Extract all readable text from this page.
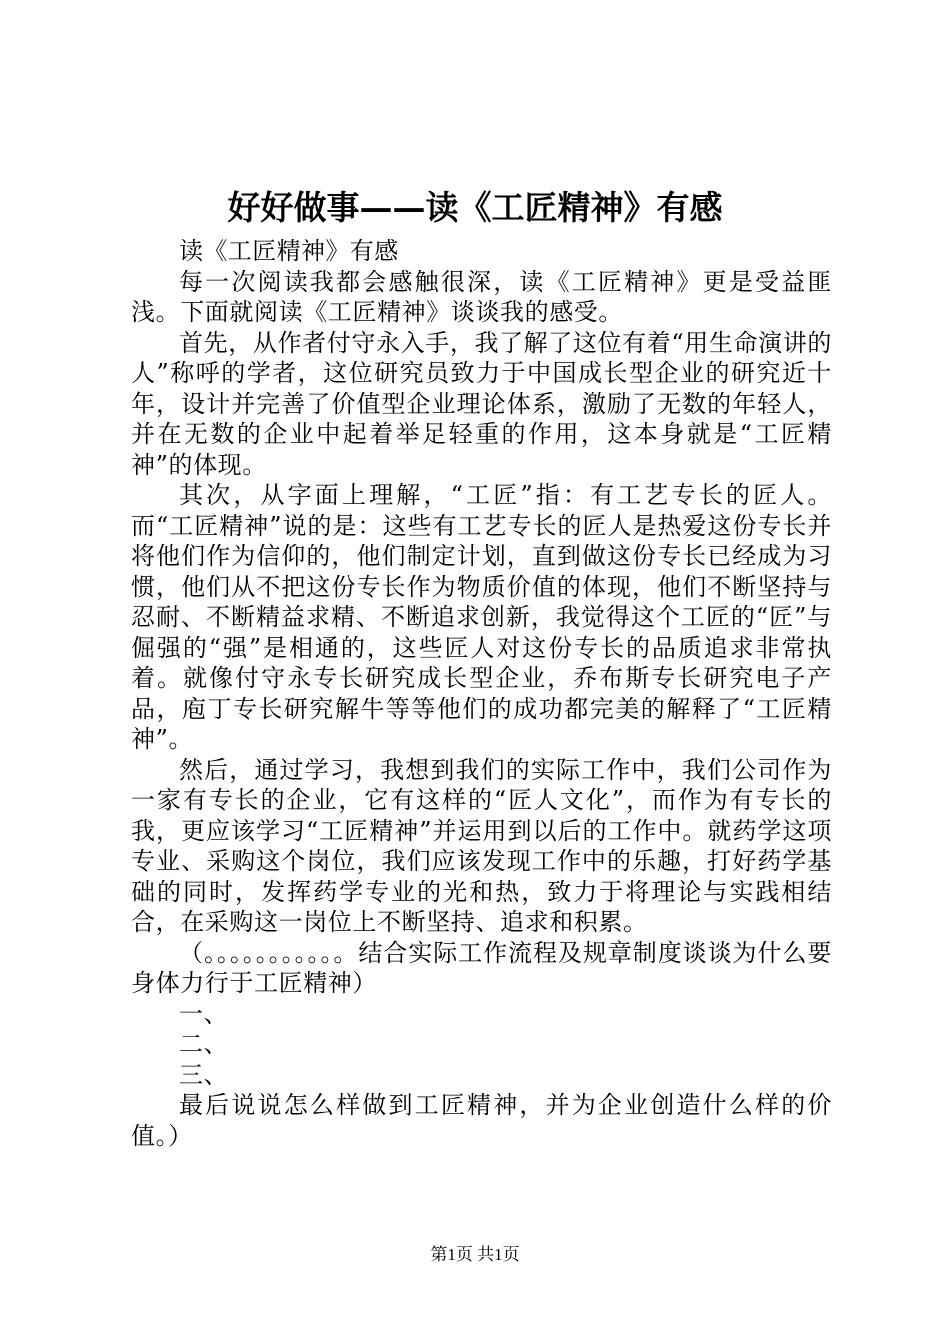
好好做事——读《工匠精神》有感

读《工匠精神》有感

每一次阅读我都会感触很深，读《工匠精神》更是受益匪浅。下面就阅读《工匠精神》谈谈我的感受。

首先，从作者付守永入手，我了解了这位有着“用生命演讲的人”称呼的学者，这位研究员致力于中国成长型企业的研究近十年，设计并完善了价值型企业理论体系，激励了无数的年轻人，并在无数的企业中起着举足轻重的作用，这本身就是“工匠精神”的体现。

其次，从字面上理解，“工匠”指：有工艺专长的匠人。而“工匠精神”说的是：这些有工艺专长的匠人是热爱这份专长并将他们作为信仰的，他们制定计划，直到做这份专长已经成为习惯，他们从不把这份专长作为物质价值的体现，他们不断坚持与忍耐、不断精益求精、不断追求创新，我觉得这个工匠的“匠”与倔强的“强”是相通的，这些匠人对这份专长的品质追求非常执着。就像付守永专长研究成长型企业，乔布斯专长研究电子产品，庖丁专长研究解牛等等他们的成功都完美的解释了“工匠精神”。

然后，通过学习，我想到我们的实际工作中，我们公司作为一家有专长的企业，它有这样的“匠人文化”，而作为有专长的我，更应该学习“工匠精神”并运用到以后的工作中。就药学这项专业、采购这个岗位，我们应该发现工作中的乐趣，打好药学基础的同时，发挥药学专业的光和热，致力于将理论与实践相结合，在采购这一岗位上不断坚持、追求和积累。

（。。。。。。。。。。。结合实际工作流程及规章制度谈谈为什么要身体力行于工匠精神）

一、

二、

三、

最后说说怎么样做到工匠精神，并为企业创造什么样的价值。）

第1页 共1页
